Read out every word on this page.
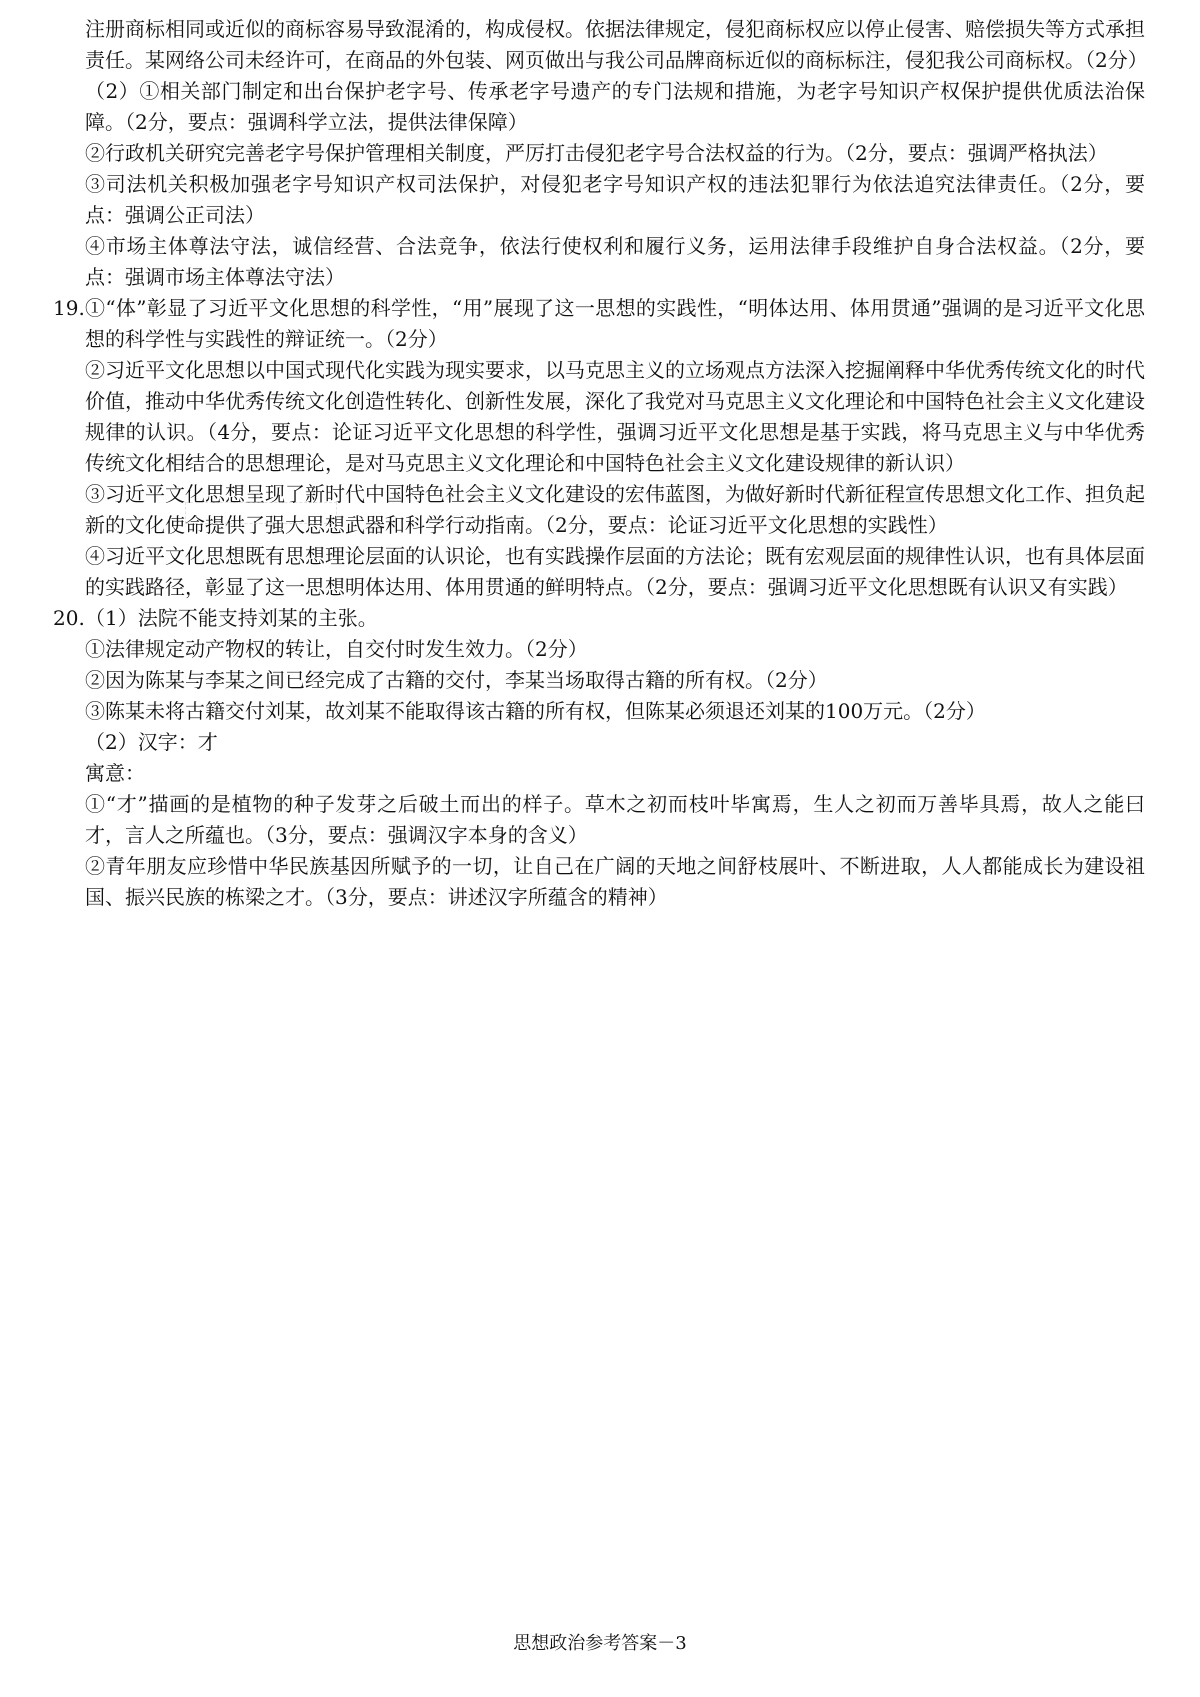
注册商标相同或近似的商标容易导致混淆的，构成侵权。依据法律规定，侵犯商标权应以停止侵害、赔偿损失等方式承担责任。某网络公司未经许可，在商品的外包装、网页做出与我公司品牌商标近似的商标标注，侵犯我公司商标权。（2分）

（2）①相关部门制定和出台保护老字号、传承老字号遗产的专门法规和措施，为老字号知识产权保护提供优质法治保障。（2分，要点：强调科学立法，提供法律保障）

②行政机关研究完善老字号保护管理相关制度，严厉打击侵犯老字号合法权益的行为。（2分，要点：强调严格执法）

③司法机关积极加强老字号知识产权司法保护，对侵犯老字号知识产权的违法犯罪行为依法追究法律责任。（2分，要点：强调公正司法）

④市场主体尊法守法，诚信经营、合法竞争，依法行使权利和履行义务，运用法律手段维护自身合法权益。（2分，要点：强调市场主体尊法守法）

19. ①“体”彰显了习近平文化思想的科学性，“用”展现了这一思想的实践性，“明体达用、体用贯通”强调的是习近平文化思想的科学性与实践性的辩证统一。（2分）

②习近平文化思想以中国式现代化实践为现实要求，以马克思主义的立场观点方法深入挖掘阐释中华优秀传统文化的时代价值，推动中华优秀传统文化创造性转化、创新性发展，深化了我党对马克思主义文化理论和中国特色社会主义文化建设规律的认识。（4分，要点：论证习近平文化思想的科学性，强调习近平文化思想是基于实践，将马克思主义与中华优秀传统文化相结合的思想理论，是对马克思主义文化理论和中国特色社会主义文化建设规律的新认识）

③习近平文化思想呈现了新时代中国特色社会主义文化建设的宏伟蓝图，为做好新时代新征程宣传思想文化工作、担负起新的文化使命提供了强大思想武器和科学行动指南。（2分，要点：论证习近平文化思想的实践性）

④习近平文化思想既有思想理论层面的认识论，也有实践操作层面的方法论；既有宏观层面的规律性认识，也有具体层面的实践路径，彰显了这一思想明体达用、体用贯通的鲜明特点。（2分，要点：强调习近平文化思想既有认识又有实践）

20. （1）法院不能支持刘某的主张。

①法律规定动产物权的转让，自交付时发生效力。（2分）

②因为陈某与李某之间已经完成了古籍的交付，李某当场取得古籍的所有权。（2分）

③陈某未将古籍交付刘某，故刘某不能取得该古籍的所有权，但陈某必须退还刘某的100万元。（2分）

（2）汉字：才

寓意：

①“才”描画的是植物的种子发芽之后破土而出的样子。草木之初而枝叶毕寓焉，生人之初而万善毕具焉，故人之能曰才，言人之所蕴也。（3分，要点：强调汉字本身的含义）

②青年朋友应珍惜中华民族基因所赋予的一切，让自己在广阔的天地之间舒枝展叶、不断进取，人人都能成长为建设祖国、振兴民族的栋梁之才。（3分，要点：讲述汉字所蕴含的精神）

思想政治参考答案－3
